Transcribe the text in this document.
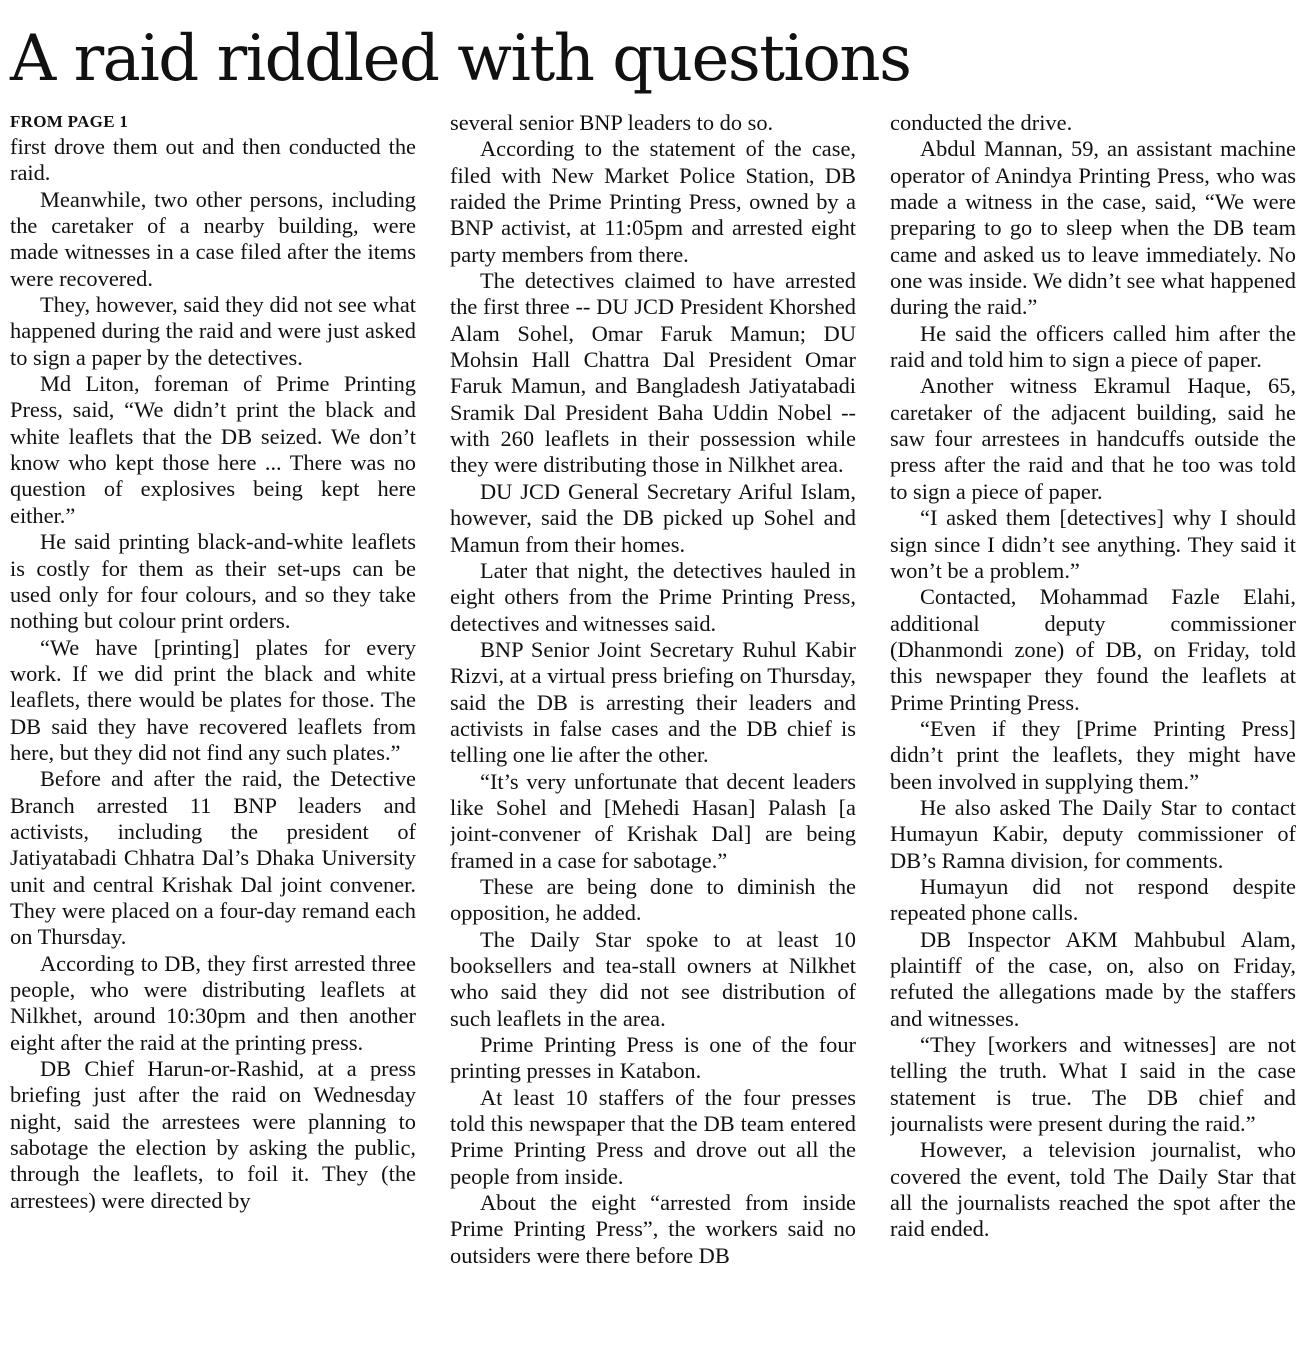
A raid riddled with questions
FROM PAGE 1

first drove them out and then conducted the raid.

Meanwhile, two other persons, including the caretaker of a nearby building, were made witnesses in a case filed after the items were recovered.

They, however, said they did not see what happened during the raid and were just asked to sign a paper by the detectives.

Md Liton, foreman of Prime Printing Press, said, “We didn’t print the black and white leaflets that the DB seized. We don’t know who kept those here ... There was no question of explosives being kept here either.”

He said printing black-and-white leaflets is costly for them as their set-ups can be used only for four colours, and so they take nothing but colour print orders.

“We have [printing] plates for every work. If we did print the black and white leaflets, there would be plates for those. The DB said they have recovered leaflets from here, but they did not find any such plates.”

Before and after the raid, the Detective Branch arrested 11 BNP leaders and activists, including the president of Jatiyatabadi Chhatra Dal’s Dhaka University unit and central Krishak Dal joint convener. They were placed on a four-day remand each on Thursday.

According to DB, they first arrested three people, who were distributing leaflets at Nilkhet, around 10:30pm and then another eight after the raid at the printing press.

DB Chief Harun-or-Rashid, at a press briefing just after the raid on Wednesday night, said the arrestees were planning to sabotage the election by asking the public, through the leaflets, to foil it. They (the arrestees) were directed by

several senior BNP leaders to do so.

According to the statement of the case, filed with New Market Police Station, DB raided the Prime Printing Press, owned by a BNP activist, at 11:05pm and arrested eight party members from there.

The detectives claimed to have arrested the first three -- DU JCD President Khorshed Alam Sohel, Omar Faruk Mamun; DU Mohsin Hall Chattra Dal President Omar Faruk Mamun, and Bangladesh Jatiyatabadi Sramik Dal President Baha Uddin Nobel -- with 260 leaflets in their possession while they were distributing those in Nilkhet area.

DU JCD General Secretary Ariful Islam, however, said the DB picked up Sohel and Mamun from their homes.

Later that night, the detectives hauled in eight others from the Prime Printing Press, detectives and witnesses said.

BNP Senior Joint Secretary Ruhul Kabir Rizvi, at a virtual press briefing on Thursday, said the DB is arresting their leaders and activists in false cases and the DB chief is telling one lie after the other.

“It’s very unfortunate that decent leaders like Sohel and [Mehedi Hasan] Palash [a joint-convener of Krishak Dal] are being framed in a case for sabotage.”

These are being done to diminish the opposition, he added.

The Daily Star spoke to at least 10 booksellers and tea-stall owners at Nilkhet who said they did not see distribution of such leaflets in the area.

Prime Printing Press is one of the four printing presses in Katabon.

At least 10 staffers of the four presses told this newspaper that the DB team entered Prime Printing Press and drove out all the people from inside.

About the eight “arrested from inside Prime Printing Press”, the workers said no outsiders were there before DB

conducted the drive.

Abdul Mannan, 59, an assistant machine operator of Anindya Printing Press, who was made a witness in the case, said, “We were preparing to go to sleep when the DB team came and asked us to leave immediately. No one was inside. We didn’t see what happened during the raid.”

He said the officers called him after the raid and told him to sign a piece of paper.

Another witness Ekramul Haque, 65, caretaker of the adjacent building, said he saw four arrestees in handcuffs outside the press after the raid and that he too was told to sign a piece of paper.

“I asked them [detectives] why I should sign since I didn’t see anything. They said it won’t be a problem.”

Contacted, Mohammad Fazle Elahi, additional deputy commissioner (Dhanmondi zone) of DB, on Friday, told this newspaper they found the leaflets at Prime Printing Press.

“Even if they [Prime Printing Press] didn’t print the leaflets, they might have been involved in supplying them.”

He also asked The Daily Star to contact Humayun Kabir, deputy commissioner of DB’s Ramna division, for comments.

Humayun did not respond despite repeated phone calls.

DB Inspector AKM Mahbubul Alam, plaintiff of the case, on, also on Friday, refuted the allegations made by the staffers and witnesses.

“They [workers and witnesses] are not telling the truth. What I said in the case statement is true. The DB chief and journalists were present during the raid.”

However, a television journalist, who covered the event, told The Daily Star that all the journalists reached the spot after the raid ended.
